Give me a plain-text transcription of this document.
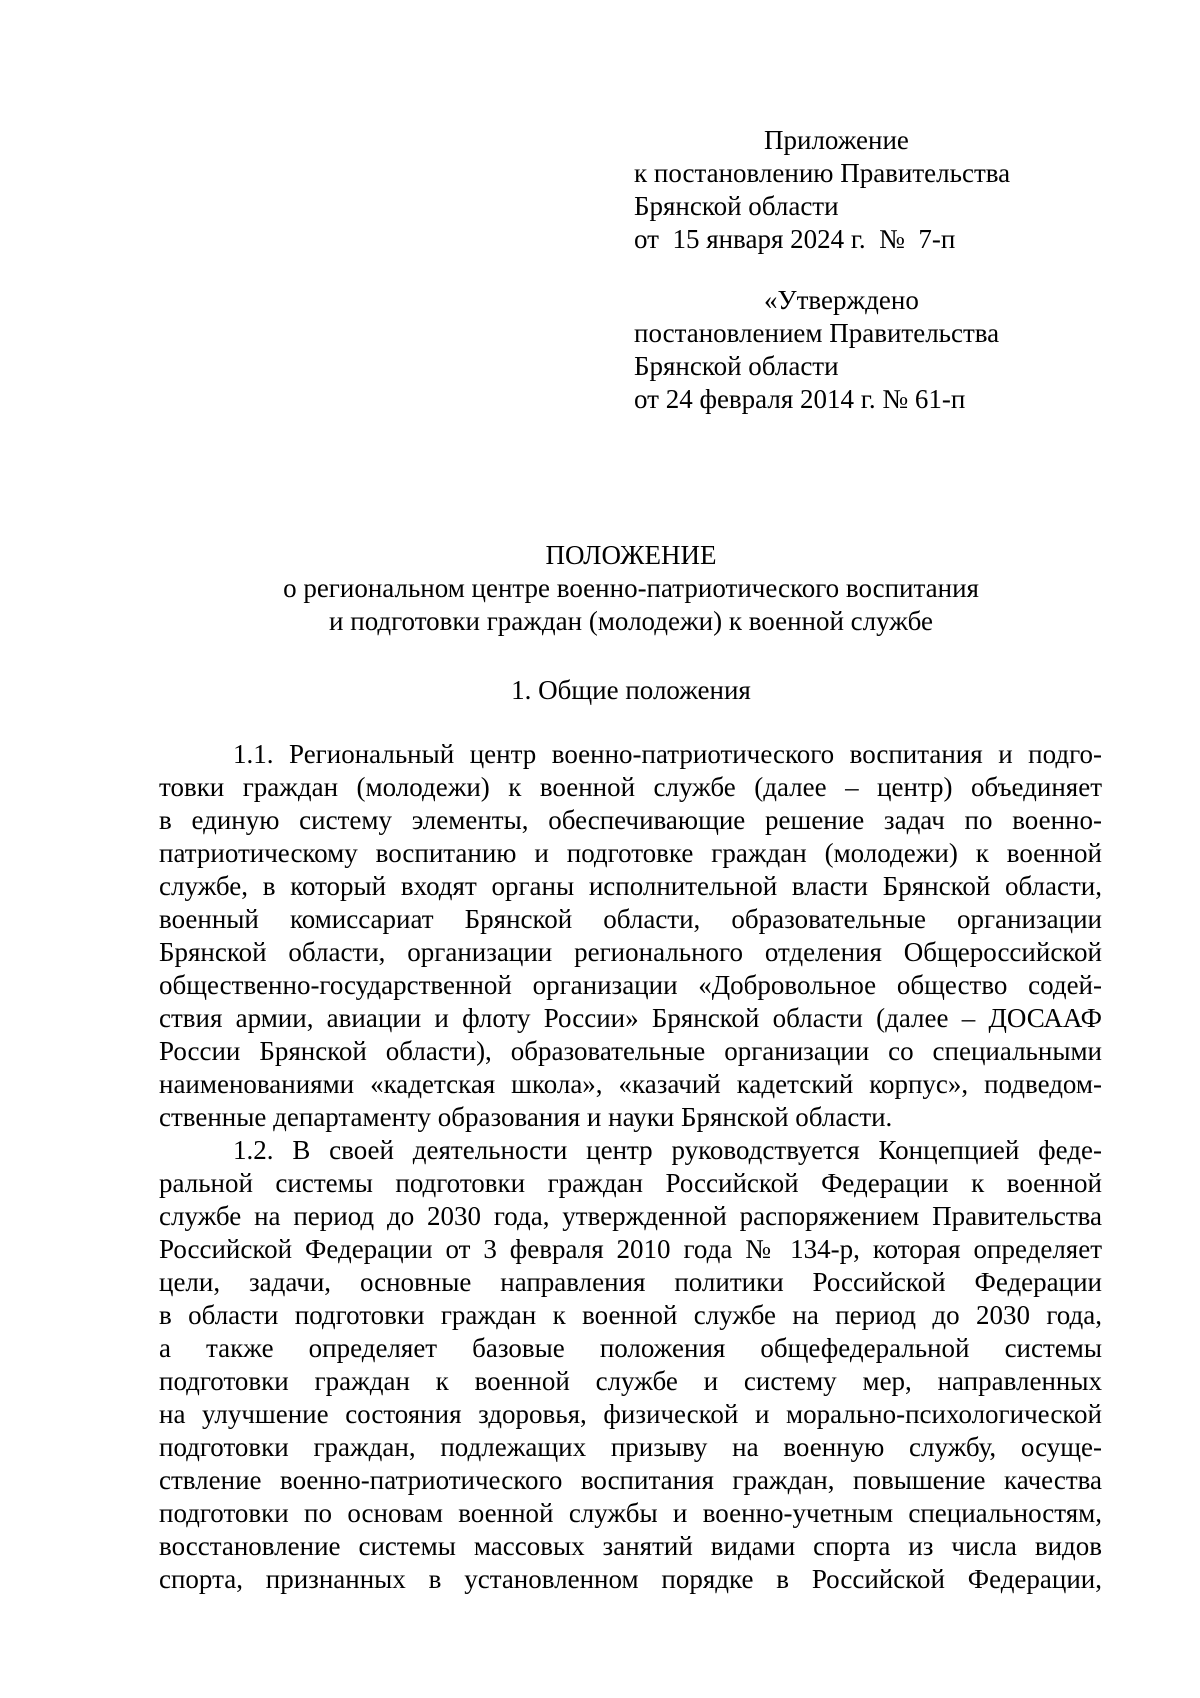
Приложение
к постановлению Правительства
Брянской области
от  15 января 2024 г.  №  7-п
«Утверждено
постановлением Правительства
Брянской области
от 24 февраля 2014 г. № 61-п
ПОЛОЖЕНИЕ
о региональном центре военно-патриотического воспитания
и подготовки граждан (молодежи) к военной службе
1. Общие положения
1.1. Региональный центр военно-патриотического воспитания и подго-
товки граждан (молодежи) к военной службе (далее – центр) объединяет
в единую систему элементы, обеспечивающие решение задач по военно-
патриотическому воспитанию и подготовке граждан (молодежи) к военной
службе, в который входят органы исполнительной власти Брянской области,
военный комиссариат Брянской области, образовательные организации
Брянской области, организации регионального отделения Общероссийской
общественно-государственной организации «Добровольное общество содей-
ствия армии, авиации и флоту России» Брянской области (далее – ДОСААФ
России Брянской области), образовательные организации со специальными
наименованиями «кадетская школа», «казачий кадетский корпус», подведом-
ственные департаменту образования и науки Брянской области.
1.2. В своей деятельности центр руководствуется Концепцией феде-
ральной системы подготовки граждан Российской Федерации к военной
службе на период до 2030 года, утвержденной распоряжением Правительства
Российской Федерации от 3 февраля 2010 года № 134-р, которая определяет
цели, задачи, основные направления политики Российской Федерации
в области подготовки граждан к военной службе на период до 2030 года,
а также определяет базовые положения общефедеральной системы
подготовки граждан к военной службе и систему мер, направленных
на улучшение состояния здоровья, физической и морально-психологической
подготовки граждан, подлежащих призыву на военную службу, осуще-
ствление военно-патриотического воспитания граждан, повышение качества
подготовки по основам военной службы и военно-учетным специальностям,
восстановление системы массовых занятий видами спорта из числа видов
спорта, признанных в установленном порядке в Российской Федерации,
